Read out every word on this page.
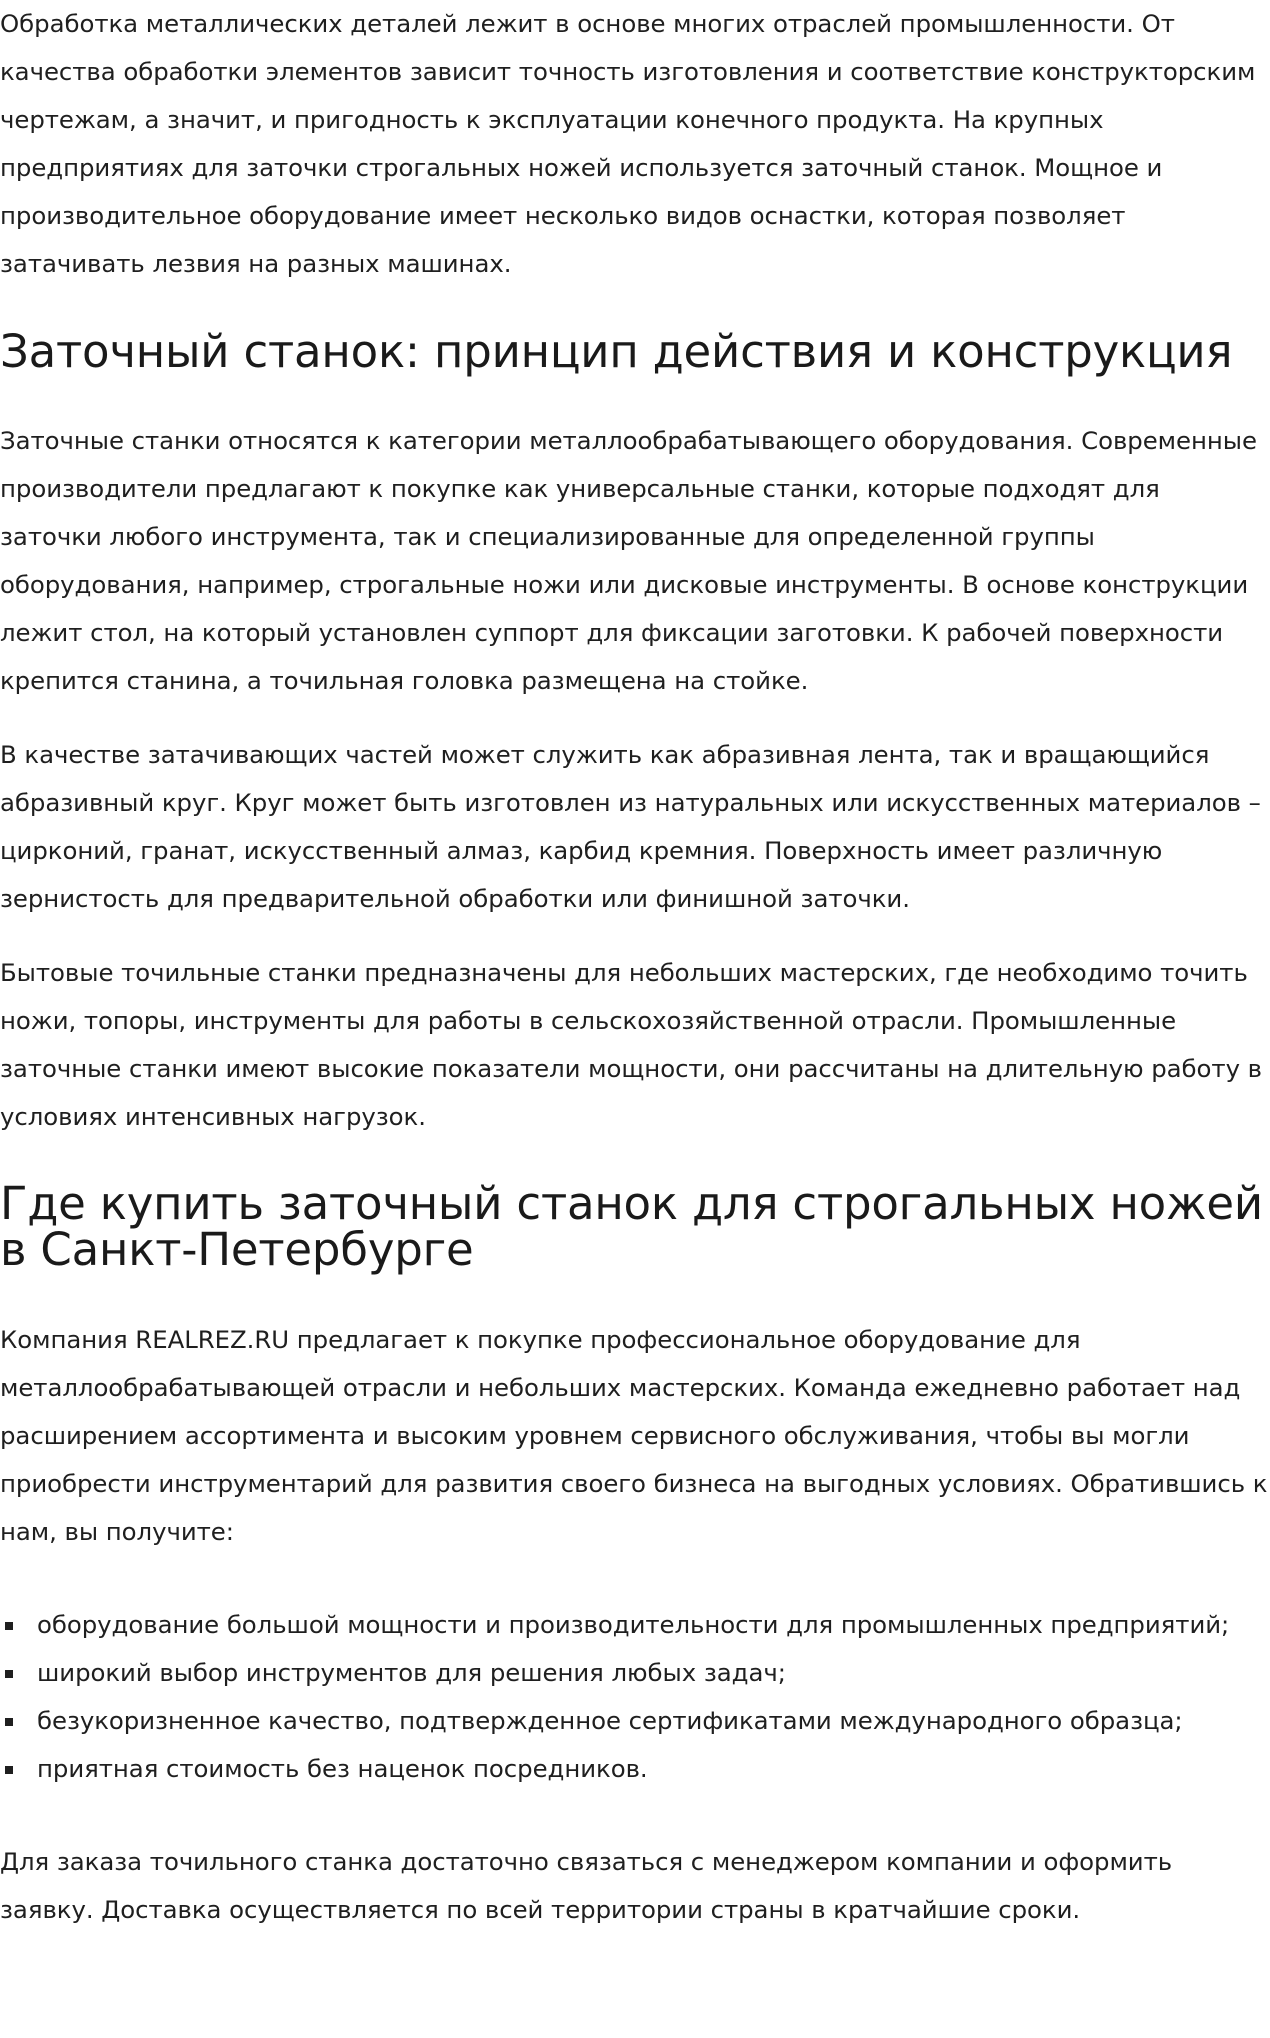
Обработка металлических деталей лежит в основе многих отраслей промышленности. От качества обработки элементов зависит точность изготовления и соответствие конструкторским чертежам, а значит, и пригодность к эксплуатации конечного продукта. На крупных предприятиях для заточки строгальных ножей используется заточный станок. Мощное и производительное оборудование имеет несколько видов оснастки, которая позволяет затачивать лезвия на разных машинах.

Заточный станок: принцип действия и конструкция

Заточные станки относятся к категории металлообрабатывающего оборудования. Современные производители предлагают к покупке как универсальные станки, которые подходят для заточки любого инструмента, так и специализированные для определенной группы оборудования, например, строгальные ножи или дисковые инструменты. В основе конструкции лежит стол, на который установлен суппорт для фиксации заготовки. К рабочей поверхности крепится станина, а точильная головка размещена на стойке.

В качестве затачивающих частей может служить как абразивная лента, так и вращающийся абразивный круг. Круг может быть изготовлен из натуральных или искусственных материалов – цирконий, гранат, искусственный алмаз, карбид кремния. Поверхность имеет различную зернистость для предварительной обработки или финишной заточки.

Бытовые точильные станки предназначены для небольших мастерских, где необходимо точить ножи, топоры, инструменты для работы в сельскохозяйственной отрасли. Промышленные заточные станки имеют высокие показатели мощности, они рассчитаны на длительную работу в условиях интенсивных нагрузок.

Где купить заточный станок для строгальных ножей в Санкт-Петербурге

Компания REALREZ.RU предлагает к покупке профессиональное оборудование для металлообрабатывающей отрасли и небольших мастерских. Команда ежедневно работает над расширением ассортимента и высоким уровнем сервисного обслуживания, чтобы вы могли приобрести инструментарий для развития своего бизнеса на выгодных условиях. Обратившись к нам, вы получите:

оборудование большой мощности и производительности для промышленных предприятий;
широкий выбор инструментов для решения любых задач;
безукоризненное качество, подтвержденное сертификатами международного образца;
приятная стоимость без наценок посредников.

Для заказа точильного станка достаточно связаться с менеджером компании и оформить заявку. Доставка осуществляется по всей территории страны в кратчайшие сроки.
